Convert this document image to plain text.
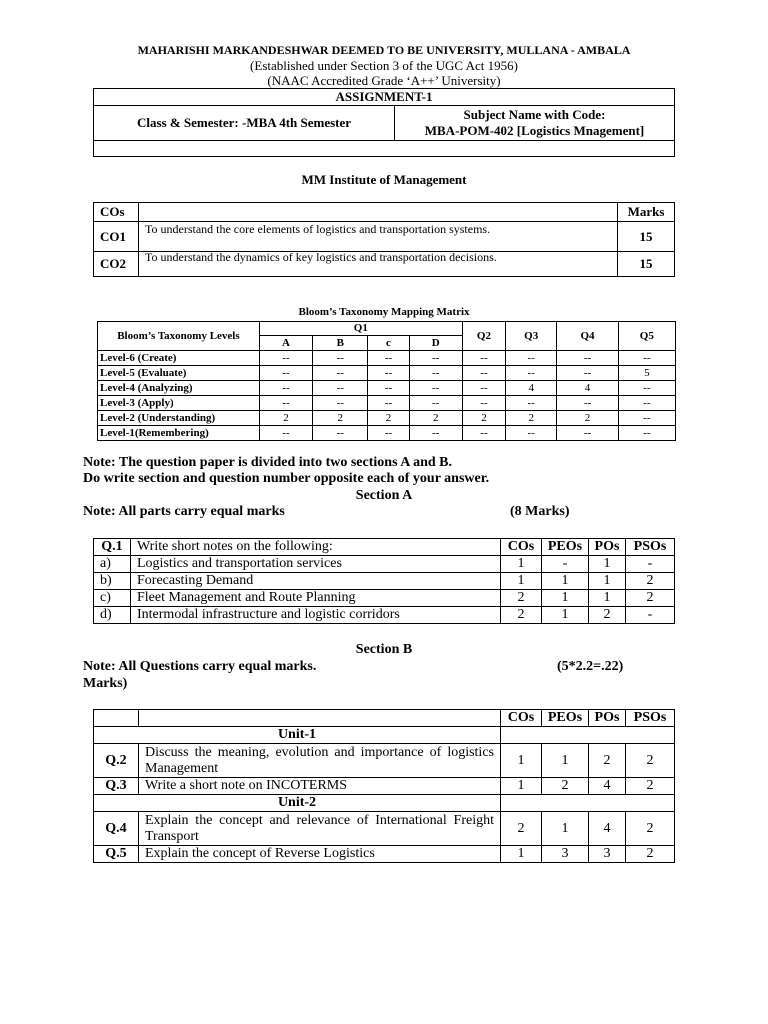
MAHARISHI MARKANDESHWAR DEEMED TO BE UNIVERSITY, MULLANA - AMBALA
(Established under Section 3 of the UGC Act 1956)
(NAAC Accredited Grade ‘A++’ University)
ASSIGNMENT-1
Class & Semester: -MBA 4th Semester	
Subject Name with Code:
MBA-POM-402 [Logistics Mnagement]

MM Institute of Management
COs		Marks
CO1	To understand the core elements of logistics and transportation systems.	15
CO2	To understand the dynamics of key logistics and transportation decisions.	15
Bloom’s Taxonomy Mapping Matrix
Bloom’s Taxonomy Levels	Q1				Q2	Q3	Q4	Q5
	A	B	c	D				
Level-6 (Create)	--	--	--	--	--	--	--	--
Level-5 (Evaluate)	--	--	--	--	--	--	--	5
Level-4 (Analyzing)	--	--	--	--	--	4	4	--
Level-3 (Apply)	--	--	--	--	--	--	--	--
Level-2 (Understanding)	2	2	2	2	2	2	2	--
Level-1(Remembering)	--	--	--	--	--	--	--	--
Note: The question paper is divided into two sections A and B.
Do write section and question number opposite each of your answer.
Section A
Note: All parts carry equal marks	(8 Marks)
Q.1	Write short notes on the following:	COs	PEOs	POs	PSOs
a)	Logistics and transportation services	1	-	1	-
b)	Forecasting Demand	1	1	1	2
c)	Fleet Management and Route Planning	2	1	1	2
d)	Intermodal infrastructure and logistic corridors	2	1	2	-
Section B
Note: All Questions carry equal marks.	(5*2.2=.22)
Marks)
		COs	PEOs	POs	PSOs
Unit-1					
Q.2	Discuss the meaning, evolution and importance of logistics Management	1	1	2	2
Q.3	Write a short note on INCOTERMS	1	2	4	2
Unit-2					
Q.4	Explain the concept and relevance of International Freight Transport	2	1	4	2
Q.5	Explain the concept of Reverse Logistics	1	3	3	2
